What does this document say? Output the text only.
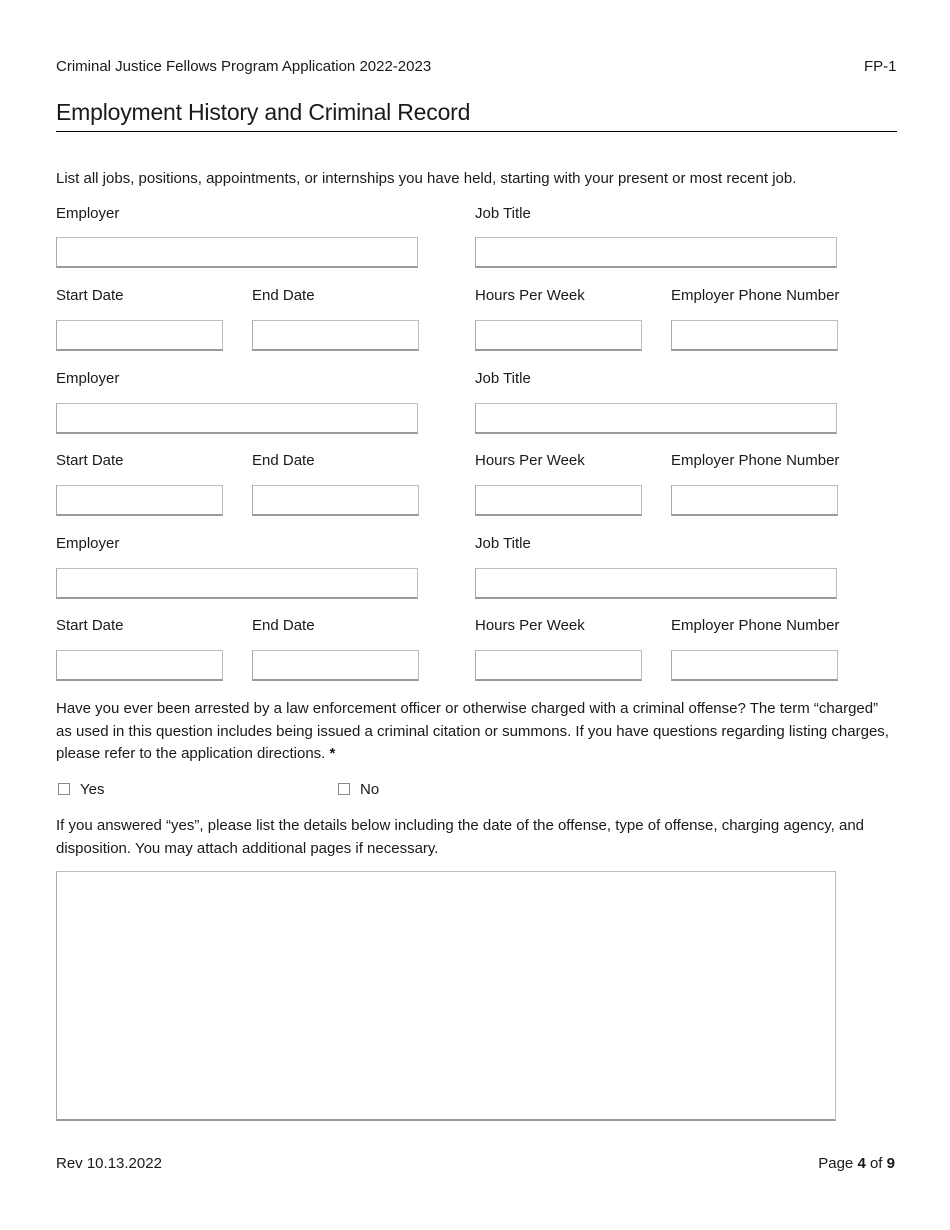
Criminal Justice Fellows Program Application 2022-2023	FP-1
Employment History and Criminal Record
List all jobs, positions, appointments, or internships you have held, starting with your present or most recent job.
Employer	Job Title
Start Date	End Date	Hours Per Week	Employer Phone Number
Employer	Job Title
Start Date	End Date	Hours Per Week	Employer Phone Number
Employer	Job Title
Start Date	End Date	Hours Per Week	Employer Phone Number
Have you ever been arrested by a law enforcement officer or otherwise charged with a criminal offense? The term “charged” as used in this question includes being issued a criminal citation or summons. If you have questions regarding listing charges, please refer to the application directions. *
Yes	No
If you answered “yes”, please list the details below including the date of the offense, type of offense, charging agency, and disposition. You may attach additional pages if necessary.
Rev 10.13.2022	Page 4 of 9
